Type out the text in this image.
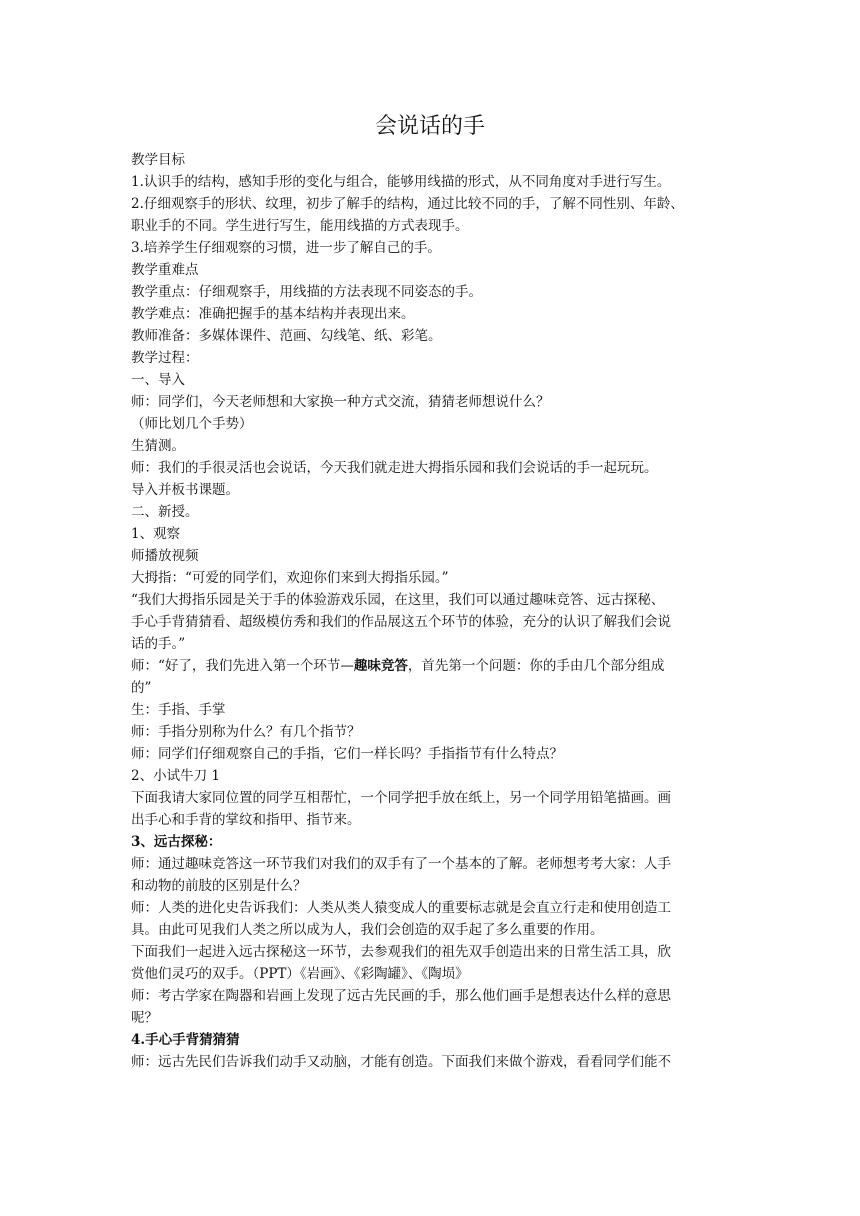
会说话的手
教学目标
1.认识手的结构，感知手形的变化与组合，能够用线描的形式，从不同角度对手进行写生。
2.仔细观察手的形状、纹理，初步了解手的结构，通过比较不同的手，了解不同性别、年龄、
职业手的不同。学生进行写生，能用线描的方式表现手。
3.培养学生仔细观察的习惯，进一步了解自己的手。
教学重难点
教学重点：仔细观察手，用线描的方法表现不同姿态的手。
教学难点：准确把握手的基本结构并表现出来。
教师准备：多媒体课件、范画、勾线笔、纸、彩笔。
教学过程：
一、导入
师：同学们，今天老师想和大家换一种方式交流，猜猜老师想说什么？
（师比划几个手势）
生猜测。
师：我们的手很灵活也会说话，今天我们就走进大拇指乐园和我们会说话的手一起玩玩。
导入并板书课题。
二、新授。
1、观察
师播放视频
大拇指：“可爱的同学们，欢迎你们来到大拇指乐园。”
“我们大拇指乐园是关于手的体验游戏乐园，在这里，我们可以通过趣味竞答、远古探秘、
手心手背猜猜看、超级模仿秀和我们的作品展这五个环节的体验，充分的认识了解我们会说
话的手。”
师：“好了，我们先进入第一个环节—趣味竞答，首先第一个问题：你的手由几个部分组成
的”
生：手指、手掌
师：手指分别称为什么？有几个指节？
师：同学们仔细观察自己的手指，它们一样长吗？手指指节有什么特点？
2、小试牛刀 1
下面我请大家同位置的同学互相帮忙，一个同学把手放在纸上，另一个同学用铅笔描画。画
出手心和手背的掌纹和指甲、指节来。
3、远古探秘：
师：通过趣味竞答这一环节我们对我们的双手有了一个基本的了解。老师想考考大家：人手
和动物的前肢的区别是什么？
师：人类的进化史告诉我们：人类从类人猿变成人的重要标志就是会直立行走和使用创造工
具。由此可见我们人类之所以成为人，我们会创造的双手起了多么重要的作用。
下面我们一起进入远古探秘这一环节，去参观我们的祖先双手创造出来的日常生活工具，欣
赏他们灵巧的双手。（PPT）《岩画》、《彩陶罐》、《陶埙》
师：考古学家在陶器和岩画上发现了远古先民画的手，那么他们画手是想表达什么样的意思
呢？
4.手心手背猜猜猜
师：远古先民们告诉我们动手又动脑，才能有创造。下面我们来做个游戏，看看同学们能不
